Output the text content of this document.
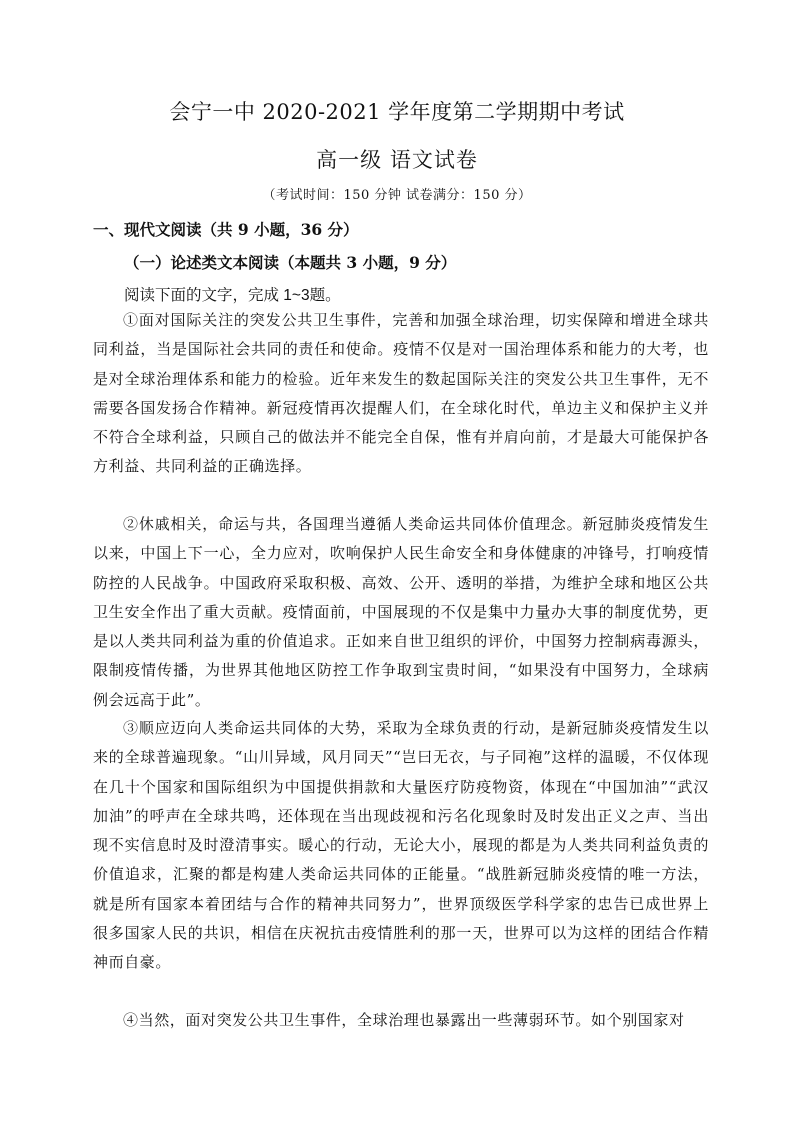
会宁一中 2020-2021 学年度第二学期期中考试
高一级 语文试卷
（考试时间：150 分钟 试卷满分：150 分）
一、现代文阅读（共 9 小题，36 分）
（一）论述类文本阅读（本题共 3 小题，9 分）
阅读下面的文字，完成 1~3题。
①面对国际关注的突发公共卫生事件，完善和加强全球治理，切实保障和增进全球共同利益，当是国际社会共同的责任和使命。疫情不仅是对一国治理体系和能力的大考，也是对全球治理体系和能力的检验。近年来发生的数起国际关注的突发公共卫生事件，无不需要各国发扬合作精神。新冠疫情再次提醒人们，在全球化时代，单边主义和保护主义并不符合全球利益，只顾自己的做法并不能完全自保，惟有并肩向前，才是最大可能保护各方利益、共同利益的正确选择。
②休戚相关，命运与共，各国理当遵循人类命运共同体价值理念。新冠肺炎疫情发生以来，中国上下一心，全力应对，吹响保护人民生命安全和身体健康的冲锋号，打响疫情防控的人民战争。中国政府采取积极、高效、公开、透明的举措，为维护全球和地区公共卫生安全作出了重大贡献。疫情面前，中国展现的不仅是集中力量办大事的制度优势，更是以人类共同利益为重的价值追求。正如来自世卫组织的评价，中国努力控制病毒源头，限制疫情传播，为世界其他地区防控工作争取到宝贵时间，“如果没有中国努力，全球病例会远高于此”。
③顺应迈向人类命运共同体的大势，采取为全球负责的行动，是新冠肺炎疫情发生以来的全球普遍现象。“山川异域，风月同天”“岂曰无衣，与子同袍”这样的温暖，不仅体现在几十个国家和国际组织为中国提供捐款和大量医疗防疫物资，体现在“中国加油”“武汉加油”的呼声在全球共鸣，还体现在当出现歧视和污名化现象时及时发出正义之声、当出现不实信息时及时澄清事实。暖心的行动，无论大小，展现的都是为人类共同利益负责的价值追求，汇聚的都是构建人类命运共同体的正能量。“战胜新冠肺炎疫情的唯一方法，就是所有国家本着团结与合作的精神共同努力”，世界顶级医学科学家的忠告已成世界上很多国家人民的共识，相信在庆祝抗击疫情胜利的那一天，世界可以为这样的团结合作精神而自豪。
④当然，面对突发公共卫生事件，全球治理也暴露出一些薄弱环节。如个别国家对
